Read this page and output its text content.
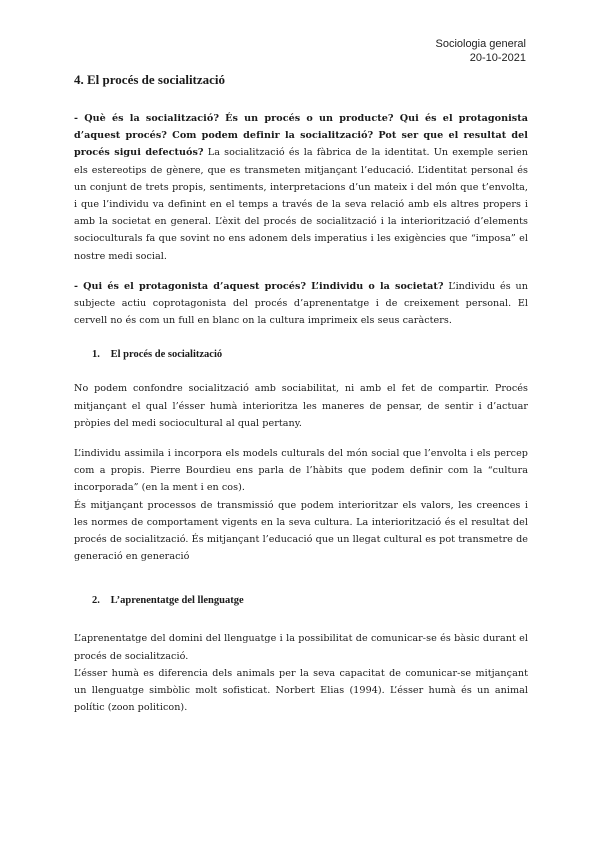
Sociologia general
20-10-2021
4. El procés de socialització

- Què és la socialització? És un procés o un producte? Qui és el protagonista d’aquest procés? Com podem definir la socialització? Pot ser que el resultat del procés sigui defectuós? La socialització és la fàbrica de la identitat. Un exemple serien els estereotips de gènere, que es transmeten mitjançant l’educació. L’identitat personal és un conjunt de trets propis, sentiments, interpretacions d’un mateix i del món que t’envolta, i que l’individu va definint en el temps a través de la seva relació amb els altres propers i amb la societat en general. L’èxit del procés de socialització i la interiorització d’elements socioculturals fa que sovint no ens adonem dels imperatius i les exigències que “imposa” el nostre medi social.

- Qui és el protagonista d’aquest procés? L’individu o la societat? L’individu és un subjecte actiu coprotagonista del procés d’aprenentatge i de creixement personal. El cervell no és com un full en blanc on la cultura imprimeix els seus caràcters.

1. El procés de socialització

No podem confondre socialització amb sociabilitat, ni amb el fet de compartir. Procés mitjançant el qual l’ésser humà interioritza les maneres de pensar, de sentir i d’actuar pròpies del medi sociocultural al qual pertany.

L’individu assimila i incorpora els models culturals del món social que l’envolta i els percep com a propis. Pierre Bourdieu ens parla de l’hàbits que podem definir com la “cultura incorporada” (en la ment i en cos).

És mitjançant processos de transmissió que podem interioritzar els valors, les creences i les normes de comportament vigents en la seva cultura. La interiorització és el resultat del procés de socialització. És mitjançant l’educació que un llegat cultural es pot transmetre de generació en generació

2. L’aprenentatge del llenguatge

L’aprenentatge del domini del llenguatge i la possibilitat de comunicar-se és bàsic durant el procés de socialització.

L’ésser humà es diferencia dels animals per la seva capacitat de comunicar-se mitjançant un llenguatge simbòlic molt sofisticat. Norbert Elias (1994). L’ésser humà és un animal polític (zoon politicon).
